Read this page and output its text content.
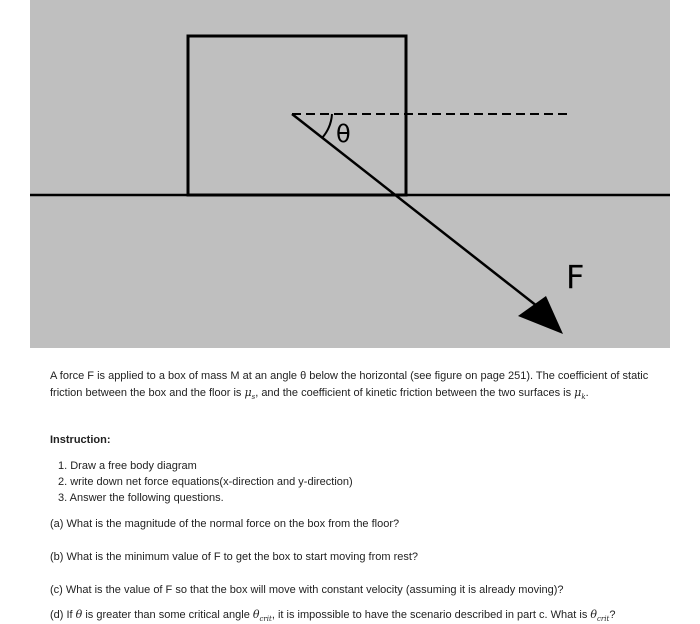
θ
F
A force F is applied to a box of mass M at an angle θ below the horizontal (see figure on page 251). The coefficient of static
friction between the box and the floor is $\mu_s$, and the coefficient of kinetic friction between the two surfaces is $\mu_k$.
Instruction:
1. Draw a free body diagram
2. write down net force equations(x-direction and y-direction)
3. Answer the following questions.
(a) What is the magnitude of the normal force on the box from the floor?
(b) What is the minimum value of F to get the box to start moving from rest?
(c) What is the value of F so that the box will move with constant velocity (assuming it is already moving)?
(d) If θ is greater than some critical angle $\theta_{crit}$, it is impossible to have the scenario described in part c. What is $\theta_{crit}$?
